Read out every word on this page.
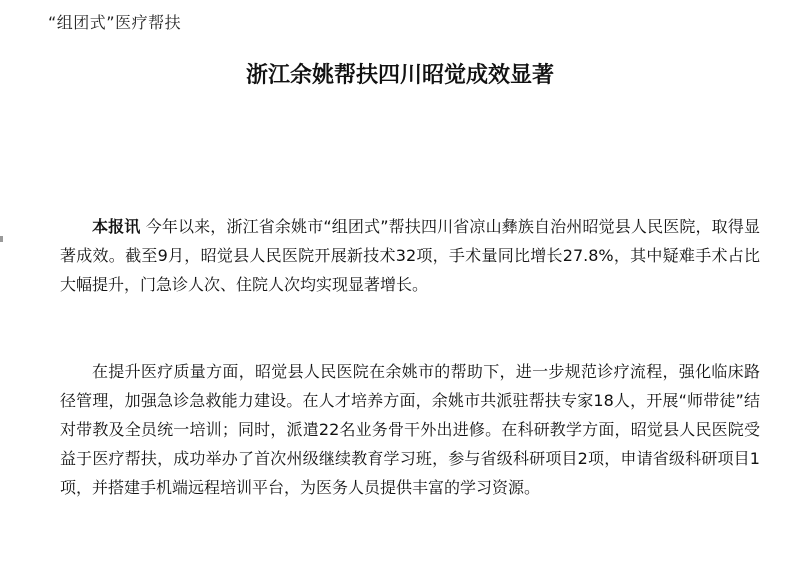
“组团式”医疗帮扶
浙江余姚帮扶四川昭觉成效显著

本报讯 今年以来，浙江省余姚市“组团式”帮扶四川省凉山彝族自治州昭觉县人民医院，取得显著成效。截至9月，昭觉县人民医院开展新技术32项，手术量同比增长27.8%，其中疑难手术占比大幅提升，门急诊人次、住院人次均实现显著增长。

在提升医疗质量方面，昭觉县人民医院在余姚市的帮助下，进一步规范诊疗流程，强化临床路径管理，加强急诊急救能力建设。在人才培养方面，余姚市共派驻帮扶专家18人，开展“师带徒”结对带教及全员统一培训；同时，派遣22名业务骨干外出进修。在科研教学方面，昭觉县人民医院受益于医疗帮扶，成功举办了首次州级继续教育学习班，参与省级科研项目2项，申请省级科研项目1项，并搭建手机端远程培训平台，为医务人员提供丰富的学习资源。
